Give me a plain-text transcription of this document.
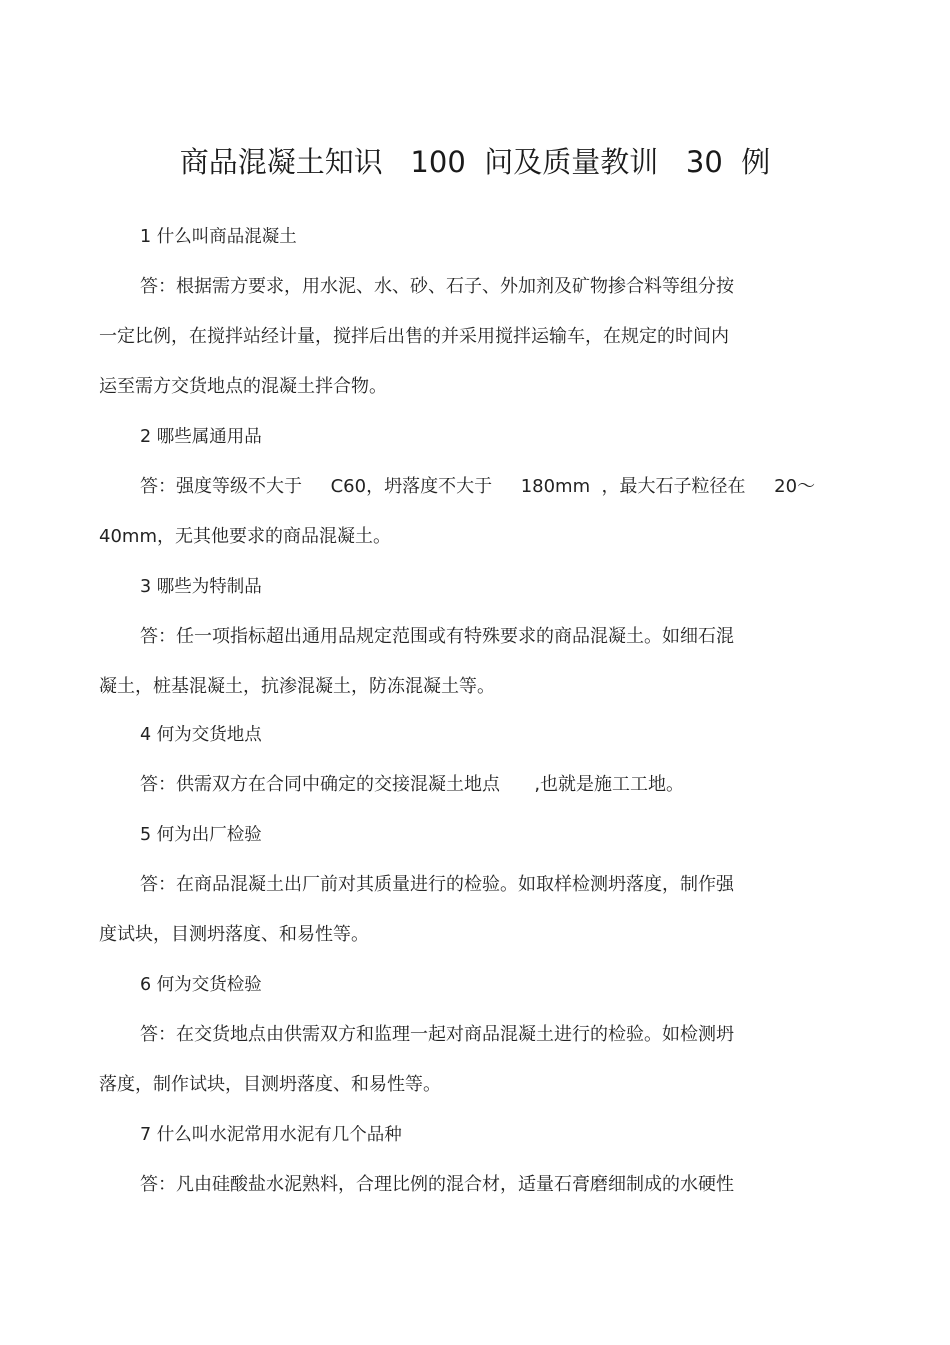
商品混凝土知识   100  问及质量教训   30  例
1 什么叫商品混凝土
答：根据需方要求，用水泥、水、砂、石子、外加剂及矿物掺合料等组分按
一定比例，在搅拌站经计量，搅拌后出售的并采用搅拌运输车，在规定的时间内
运至需方交货地点的混凝土拌合物。
2 哪些属通用品
答：强度等级不大于     C60，坍落度不大于     180mm  ，最大石子粒径在     20～
40mm，无其他要求的商品混凝土。
3 哪些为特制品
答：任一项指标超出通用品规定范围或有特殊要求的商品混凝土。如细石混
凝土，桩基混凝土，抗渗混凝土，防冻混凝土等。
4 何为交货地点
答：供需双方在合同中确定的交接混凝土地点      ,也就是施工工地。
5 何为出厂检验
答：在商品混凝土出厂前对其质量进行的检验。如取样检测坍落度，制作强
度试块，目测坍落度、和易性等。
6 何为交货检验
答：在交货地点由供需双方和监理一起对商品混凝土进行的检验。如检测坍
落度，制作试块，目测坍落度、和易性等。
7 什么叫水泥常用水泥有几个品种
答：凡由硅酸盐水泥熟料，合理比例的混合材，适量石膏磨细制成的水硬性
